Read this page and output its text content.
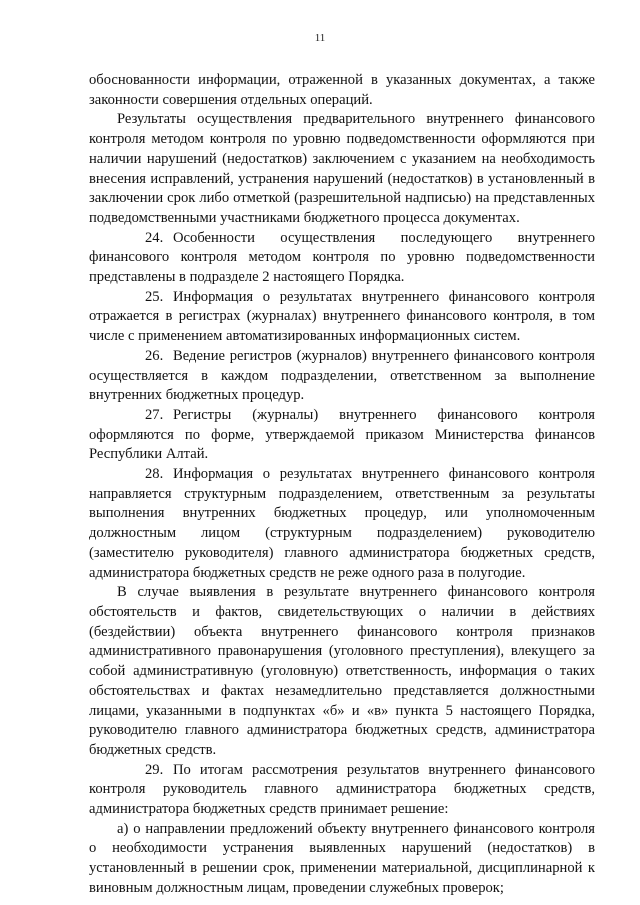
11

обоснованности информации, отраженной в указанных документах, а также законности совершения отдельных операций.

Результаты осуществления предварительного внутреннего финансового контроля методом контроля по уровню подведомственности оформляются при наличии нарушений (недостатков) заключением с указанием на необходимость внесения исправлений, устранения нарушений (недостатков) в установленный в заключении срок либо отметкой (разрешительной надписью) на представленных подведомственными участниками бюджетного процесса документах.

24. Особенности осуществления последующего внутреннего финансового контроля методом контроля по уровню подведомственности представлены в подразделе 2 настоящего Порядка.

25. Информация о результатах внутреннего финансового контроля отражается в регистрах (журналах) внутреннего финансового контроля, в том числе с применением автоматизированных информационных систем.

26. Ведение регистров (журналов) внутреннего финансового контроля осуществляется в каждом подразделении, ответственном за выполнение внутренних бюджетных процедур.

27. Регистры (журналы) внутреннего финансового контроля оформляются по форме, утверждаемой приказом Министерства финансов Республики Алтай.

28. Информация о результатах внутреннего финансового контроля направляется структурным подразделением, ответственным за результаты выполнения внутренних бюджетных процедур, или уполномоченным должностным лицом (структурным подразделением) руководителю (заместителю руководителя) главного администратора бюджетных средств, администратора бюджетных средств не реже одного раза в полугодие.

В случае выявления в результате внутреннего финансового контроля обстоятельств и фактов, свидетельствующих о наличии в действиях (бездействии) объекта внутреннего финансового контроля признаков административного правонарушения (уголовного преступления), влекущего за собой административную (уголовную) ответственность, информация о таких обстоятельствах и фактах незамедлительно представляется должностными лицами, указанными в подпунктах «б» и «в» пункта 5 настоящего Порядка, руководителю главного администратора бюджетных средств, администратора бюджетных средств.

29. По итогам рассмотрения результатов внутреннего финансового контроля руководитель главного администратора бюджетных средств, администратора бюджетных средств принимает решение:

а) о направлении предложений объекту внутреннего финансового контроля о необходимости устранения выявленных нарушений (недостатков) в установленный в решении срок, применении материальной, дисциплинарной к виновным должностным лицам, проведении служебных проверок;
